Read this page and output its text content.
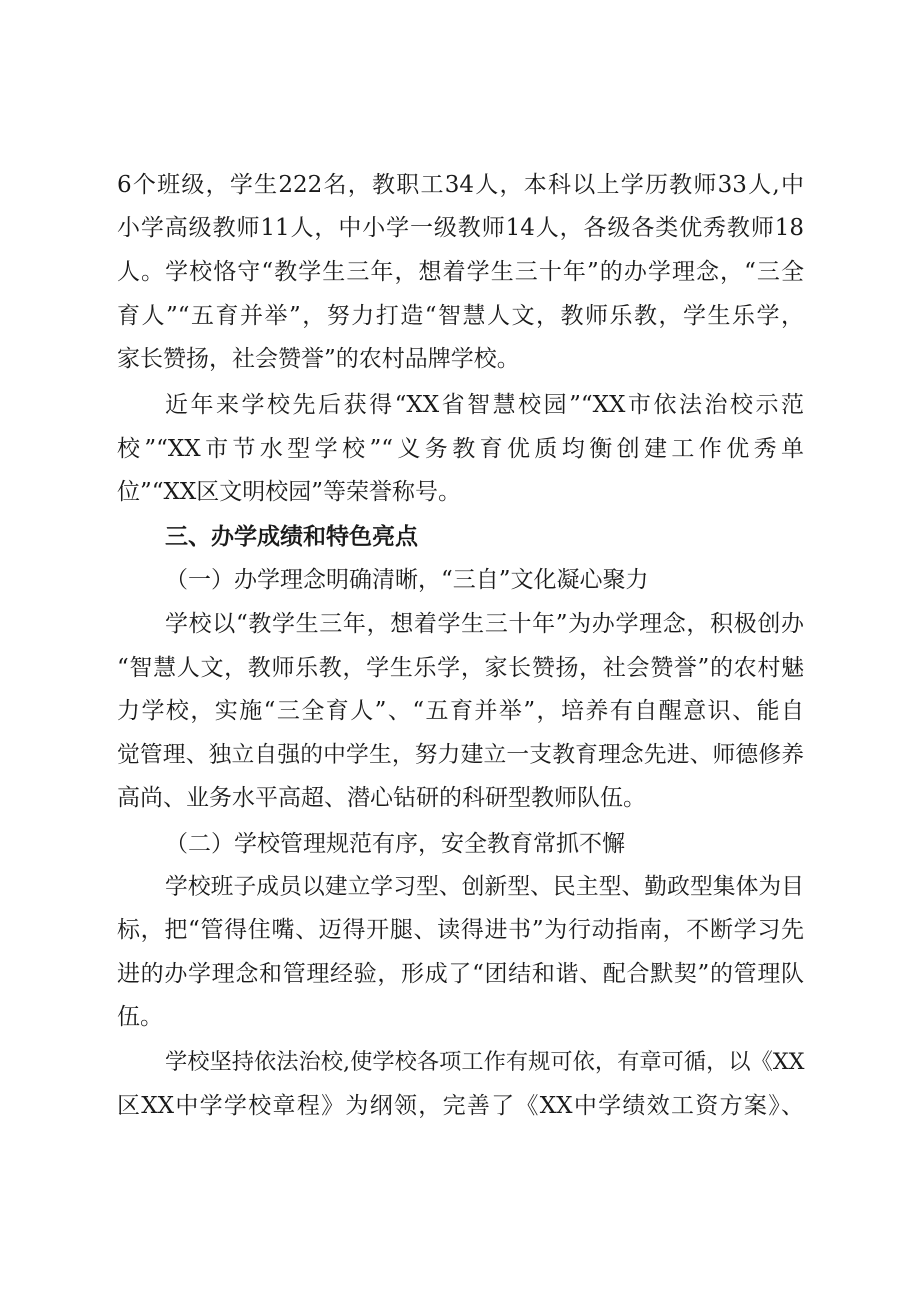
6个班级，学生222名，教职工34人，本科以上学历教师33人,中
小学高级教师11人，中小学一级教师14人，各级各类优秀教师18
人。学校恪守“教学生三年，想着学生三十年”的办学理念，“三全
育人”“五育并举”，努力打造“智慧人文，教师乐教，学生乐学，
家长赞扬，社会赞誉”的农村品牌学校。
近年来学校先后获得“XX省智慧校园”“XX市依法治校示范
校”“XX市节水型学校”“义务教育优质均衡创建工作优秀单
位”“XX区文明校园”等荣誉称号。
三、办学成绩和特色亮点
（一）办学理念明确清晰，“三自”文化凝心聚力
学校以“教学生三年，想着学生三十年”为办学理念，积极创办
“智慧人文，教师乐教，学生乐学，家长赞扬，社会赞誉”的农村魅
力学校，实施“三全育人”、“五育并举”，培养有自醒意识、能自
觉管理、独立自强的中学生，努力建立一支教育理念先进、师德修养
高尚、业务水平高超、潜心钻研的科研型教师队伍。
（二）学校管理规范有序，安全教育常抓不懈
学校班子成员以建立学习型、创新型、民主型、勤政型集体为目
标，把“管得住嘴、迈得开腿、读得进书”为行动指南，不断学习先
进的办学理念和管理经验，形成了“团结和谐、配合默契”的管理队
伍。
学校坚持依法治校,使学校各项工作有规可依，有章可循，以《XX
区XX中学学校章程》为纲领，完善了《XX中学绩效工资方案》、
